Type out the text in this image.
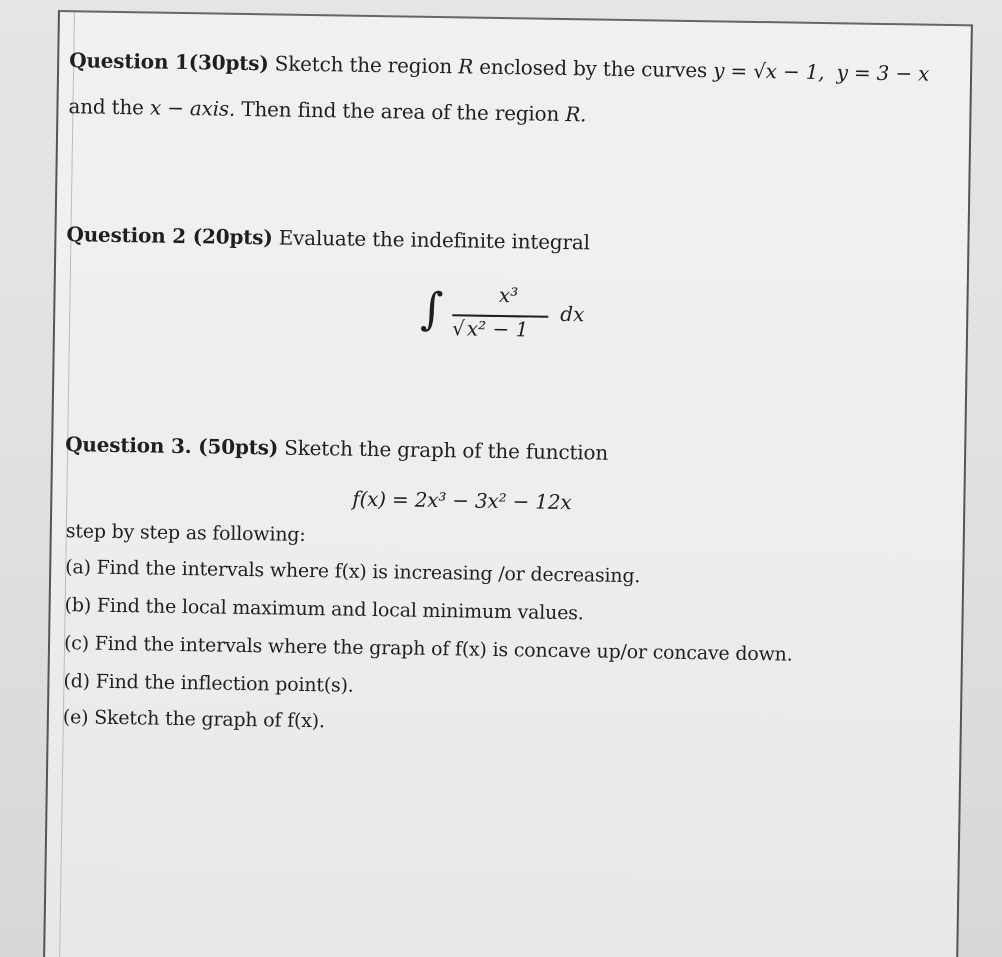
Question 1(30pts) Sketch the region R enclosed by the curves y = √x − 1, y = 3 − x
and the x − axis. Then find the area of the region R.
Question 2 (20pts) Evaluate the indefinite integral
∫	x³
√x² − 1
dx
Question 3. (50pts) Sketch the graph of the function
f(x) = 2x³ − 3x² − 12x
step by step as following:
(a) Find the intervals where f(x) is increasing /or decreasing.
(b) Find the local maximum and local minimum values.
(c) Find the intervals where the graph of f(x) is concave up/or concave down.
(d) Find the inflection point(s).
(e) Sketch the graph of f(x).
